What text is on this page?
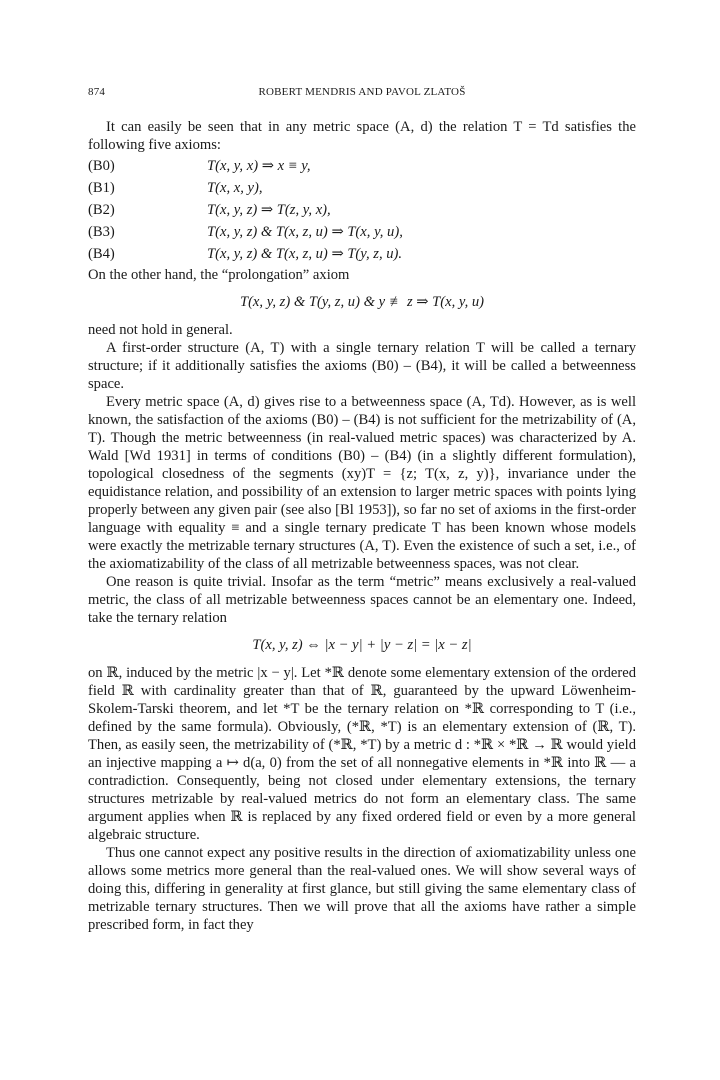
874	ROBERT MENDRIS AND PAVOL ZLATOŠ

It can easily be seen that in any metric space (A, d) the relation T = Td satisfies the following five axioms:

(B0)	T(x, y, x) ⇒ x ≡ y,
(B1)	T(x, x, y),
(B2)	T(x, y, z) ⇒ T(z, y, x),
(B3)	T(x, y, z) & T(x, z, u) ⇒ T(x, y, u),
(B4)	T(x, y, z) & T(x, z, u) ⇒ T(y, z, u).

On the other hand, the “prolongation” axiom

T(x, y, z) & T(y, z, u) & y ≢ z ⇒ T(x, y, u)

need not hold in general.

A first-order structure (A, T) with a single ternary relation T will be called a ternary structure; if it additionally satisfies the axioms (B0) – (B4), it will be called a betweenness space.

Every metric space (A, d) gives rise to a betweenness space (A, Td). However, as is well known, the satisfaction of the axioms (B0) – (B4) is not sufficient for the metrizability of (A, T). Though the metric betweenness (in real-valued metric spaces) was characterized by A. Wald [Wd 1931] in terms of conditions (B0) – (B4) (in a slightly different formulation), topological closedness of the segments (xy)T = {z; T(x, z, y)}, invariance under the equidistance relation, and possibility of an extension to larger metric spaces with points lying properly between any given pair (see also [Bl 1953]), so far no set of axioms in the first-order language with equality ≡ and a single ternary predicate T has been known whose models were exactly the metrizable ternary structures (A, T). Even the existence of such a set, i.e., of the axiomatizability of the class of all metrizable betweenness spaces, was not clear.

One reason is quite trivial. Insofar as the term “metric” means exclusively a real-valued metric, the class of all metrizable betweenness spaces cannot be an elementary one. Indeed, take the ternary relation

T(x, y, z) ⇔ |x − y| + |y − z| = |x − z|

on ℝ, induced by the metric |x − y|. Let *ℝ denote some elementary extension of the ordered field ℝ with cardinality greater than that of ℝ, guaranteed by the upward Löwenheim-Skolem-Tarski theorem, and let *T be the ternary relation on *ℝ corresponding to T (i.e., defined by the same formula). Obviously, (*ℝ, *T) is an elementary extension of (ℝ, T). Then, as easily seen, the metrizability of (*ℝ, *T) by a metric d : *ℝ × *ℝ → ℝ would yield an injective mapping a ↦ d(a, 0) from the set of all nonnegative elements in *ℝ into ℝ — a contradiction. Consequently, being not closed under elementary extensions, the ternary structures metrizable by real-valued metrics do not form an elementary class. The same argument applies when ℝ is replaced by any fixed ordered field or even by a more general algebraic structure.

Thus one cannot expect any positive results in the direction of axiomatizability unless one allows some metrics more general than the real-valued ones. We will show several ways of doing this, differing in generality at first glance, but still giving the same elementary class of metrizable ternary structures. Then we will prove that all the axioms have rather a simple prescribed form, in fact they
